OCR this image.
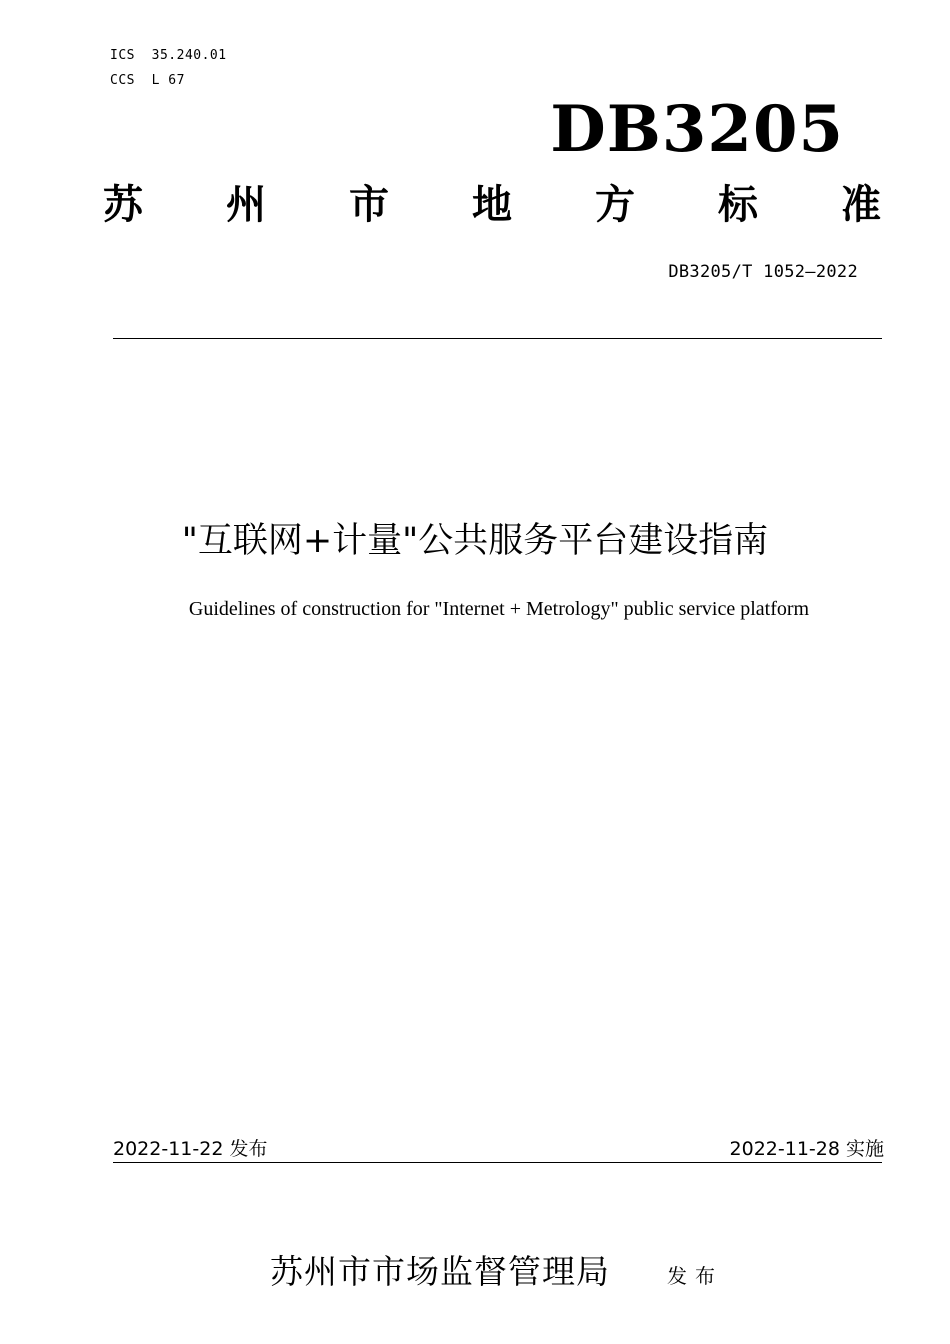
ICS  35.240.01
CCS  L 67
DB3205
苏 州 市 地 方 标 准
DB3205/T 1052—2022
"互联网+计量"公共服务平台建设指南
Guidelines of construction for "Internet + Metrology" public service platform
2022-11-22 发布	2022-11-28 实施
苏州市市场监督管理局	发布
